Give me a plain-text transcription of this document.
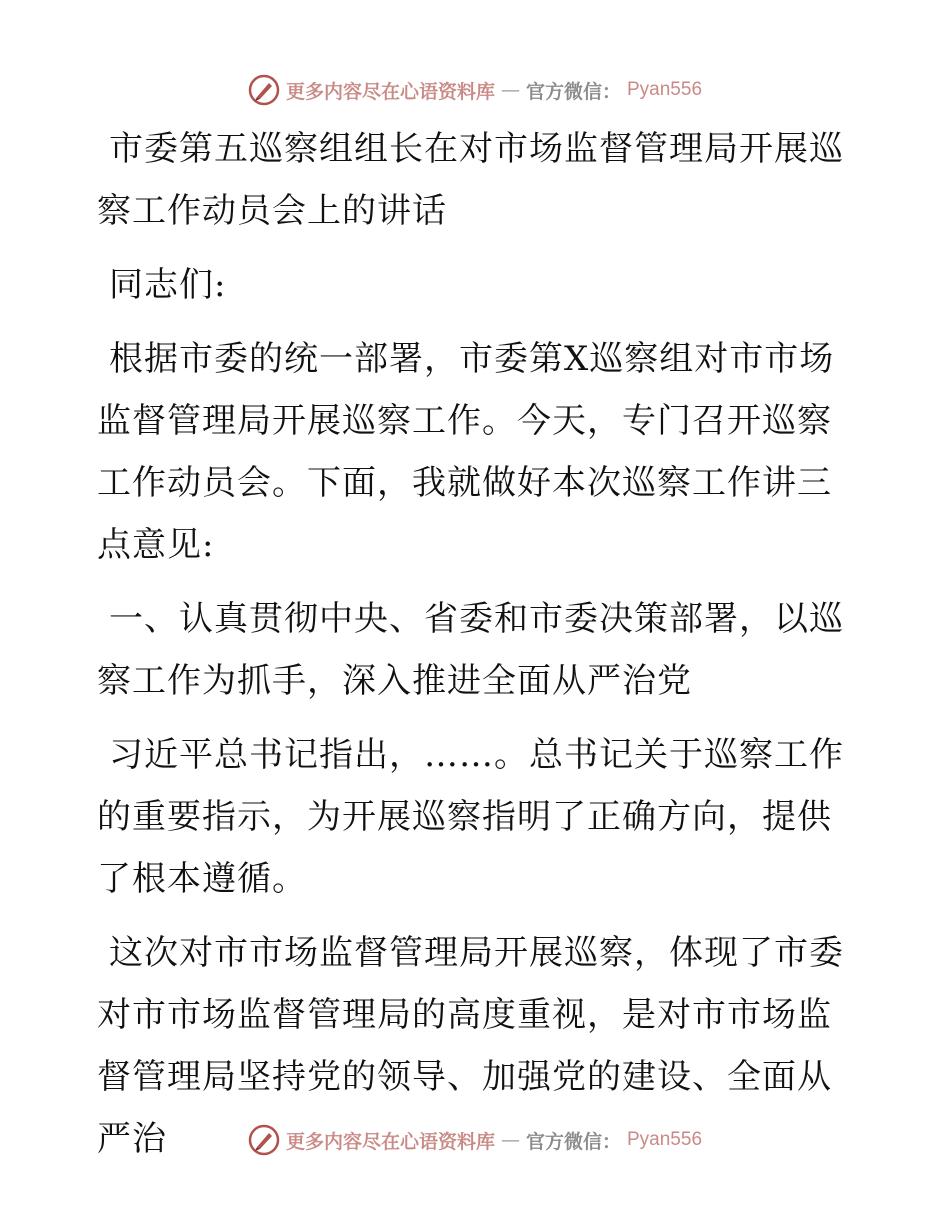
更多内容尽在心语资料库 — 官方微信： Pyan556

市委第五巡察组组长在对市场监督管理局开展巡察工作动员会上的讲话

同志们:

根据市委的统一部署，市委第X巡察组对市市场监督管理局开展巡察工作。今天，专门召开巡察工作动员会。下面，我就做好本次巡察工作讲三点意见:

一、认真贯彻中央、省委和市委决策部署，以巡察工作为抓手，深入推进全面从严治党

习近平总书记指出，……。总书记关于巡察工作的重要指示，为开展巡察指明了正确方向，提供了根本遵循。

这次对市市场监督管理局开展巡察，体现了市委对市市场监督管理局的高度重视，是对市市场监督管理局坚持党的领导、加强党的建设、全面从严治	更多内容尽在心语资料库 — 官方微信： Pyan556
